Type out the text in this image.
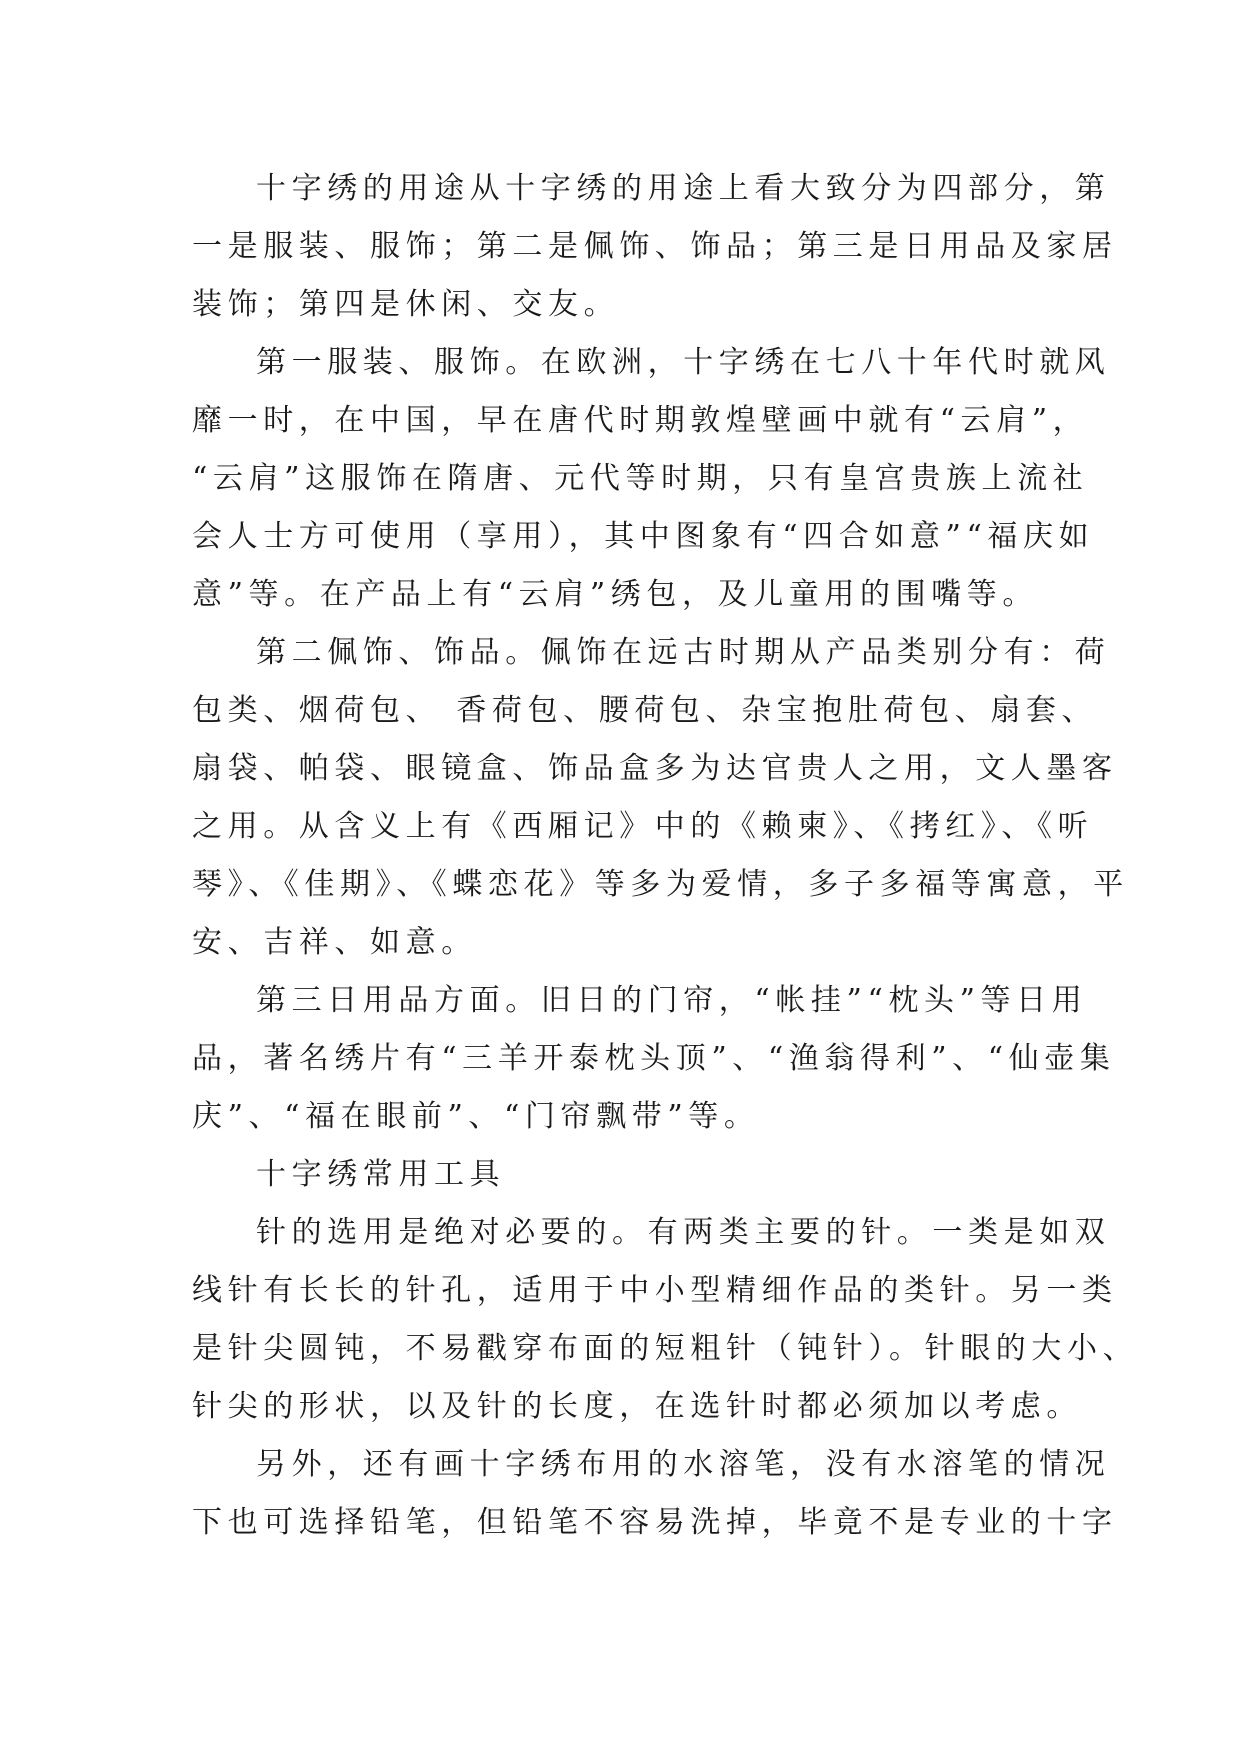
十字绣的用途从十字绣的用途上看大致分为四部分，第
一是服装、服饰；第二是佩饰、饰品；第三是日用品及家居
装饰；第四是休闲、交友。
第一服装、服饰。在欧洲，十字绣在七八十年代时就风
靡一时，在中国，早在唐代时期敦煌壁画中就有“云肩”，
“云肩”这服饰在隋唐、元代等时期，只有皇宫贵族上流社
会人士方可使用（享用），其中图象有“四合如意”“福庆如
意”等。在产品上有“云肩”绣包，及儿童用的围嘴等。
第二佩饰、饰品。佩饰在远古时期从产品类别分有：荷
包类、烟荷包、 香荷包、腰荷包、杂宝抱肚荷包、扇套、
扇袋、帕袋、眼镜盒、饰品盒多为达官贵人之用，文人墨客
之用。从含义上有《西厢记》中的《赖柬》、《拷红》、《听
琴》、《佳期》、《蝶恋花》等多为爱情，多子多福等寓意，平
安、吉祥、如意。
第三日用品方面。旧日的门帘，“帐挂”“枕头”等日用
品，著名绣片有“三羊开泰枕头顶”、“渔翁得利”、“仙壶集
庆”、“福在眼前”、“门帘飘带”等。
十字绣常用工具
针的选用是绝对必要的。有两类主要的针。一类是如双
线针有长长的针孔，适用于中小型精细作品的类针。另一类
是针尖圆钝，不易戳穿布面的短粗针（钝针）。针眼的大小、
针尖的形状，以及针的长度，在选针时都必须加以考虑。
另外，还有画十字绣布用的水溶笔，没有水溶笔的情况
下也可选择铅笔，但铅笔不容易洗掉，毕竟不是专业的十字
